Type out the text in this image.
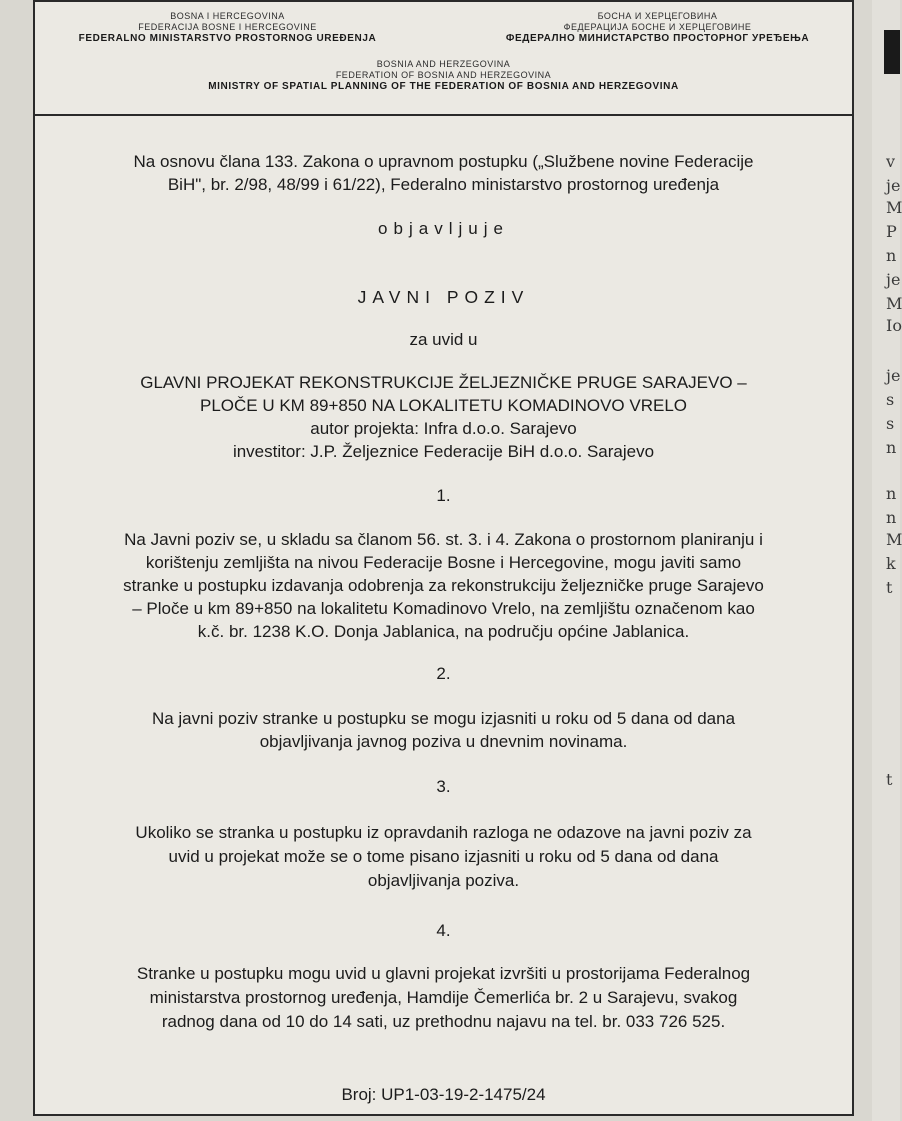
v
je
M
P
n
je
M
Io
je
s
s
n
n
n
M
k
t
t
BOSNA I HERCEGOVINA
FEDERACIJA BOSNE I HERCEGOVINE
FEDERALNO MINISTARSTVO PROSTORNOG UREĐENJA
БОСНА И ХЕРЦЕГОВИНА
ФЕДЕРАЦИЈА БОСНЕ И ХЕРЦЕГОВИНЕ
ФЕДЕРАЛНО МИНИСТАРСТВО ПРОСТОРНОГ УРЕЂЕЊА
BOSNIA AND HERZEGOVINA
FEDERATION OF BOSNIA AND HERZEGOVINA
MINISTRY OF SPATIAL PLANNING OF THE FEDERATION OF BOSNIA AND HERZEGOVINA
Na osnovu člana 133. Zakona o upravnom postupku („Službene novine Federacije
BiH", br. 2/98, 48/99 i 61/22), Federalno ministarstvo prostornog uređenja
objavljuje
JAVNI POZIV
za uvid u
GLAVNI PROJEKAT REKONSTRUKCIJE ŽELJEZNIČKE PRUGE SARAJEVO –
PLOČE U KM 89+850 NA LOKALITETU KOMADINOVO VRELO
autor projekta: Infra d.o.o. Sarajevo
investitor: J.P. Željeznice Federacije BiH d.o.o. Sarajevo
1.
Na Javni poziv se, u skladu sa članom 56. st. 3. i 4. Zakona o prostornom planiranju i
korištenju zemljišta na nivou Federacije Bosne i Hercegovine, mogu javiti samo
stranke u postupku izdavanja odobrenja za rekonstrukciju željezničke pruge Sarajevo
– Ploče u km 89+850 na lokalitetu Komadinovo Vrelo, na zemljištu označenom kao
k.č. br. 1238 K.O. Donja Jablanica, na području općine Jablanica.
2.
Na javni poziv stranke u postupku se mogu izjasniti u roku od 5 dana od dana
objavljivanja javnog poziva u dnevnim novinama.
3.
Ukoliko se stranka u postupku iz opravdanih razloga ne odazove na javni poziv za
uvid u projekat može se o tome pisano izjasniti u roku od 5 dana od dana
objavljivanja poziva.
4.
Stranke u postupku mogu uvid u glavni projekat izvršiti u prostorijama Federalnog
ministarstva prostornog uređenja, Hamdije Čemerlića br. 2 u Sarajevu, svakog
radnog dana od 10 do 14 sati, uz prethodnu najavu na tel. br. 033 726 525.
Broj: UP1-03-19-2-1475/24
